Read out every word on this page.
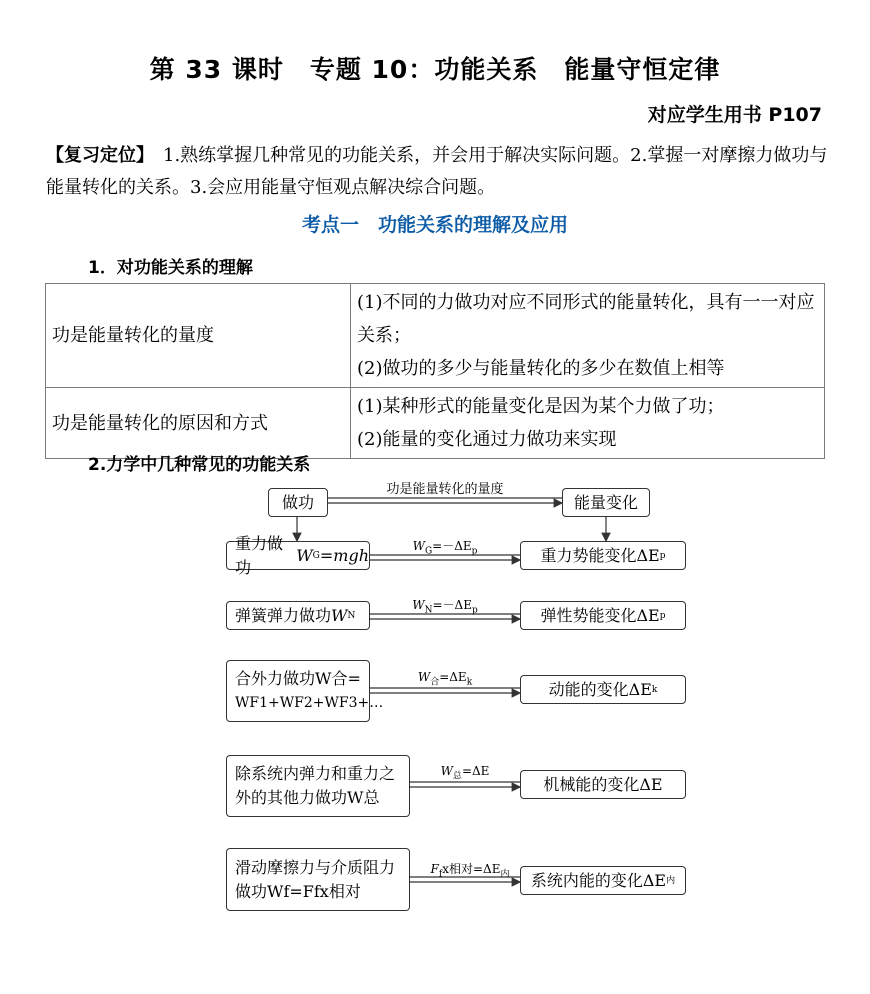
第 33 课时　专题 10：功能关系　能量守恒定律
对应学生用书 P107
【复习定位】　1.熟练掌握几种常见的功能关系，并会用于解决实际问题。2.掌握一对摩擦力做功与能量转化的关系。3.会应用能量守恒观点解决综合问题。
考点一　功能关系的理解及应用
1．对功能关系的理解
功是能量转化的量度	(1)不同的力做功对应不同形式的能量转化，具有一一对应关系；
(2)做功的多少与能量转化的多少在数值上相等

功是能量转化的原因和方式	(1)某种形式的能量变化是因为某个力做了功；
(2)能量的变化通过力做功来实现
2.力学中几种常见的功能关系
做功	能量变化
功是能量转化的量度
重力做功
W G =mgh	$W_G=-\Delta E_p$	重力势能变化ΔE p
弹簧弹力做功 W N
$W_N=-\Delta E_p$	弹性势能变化ΔE p
合外力做功W合=
WF1+WF2+WF3+…
$W_合=\Delta E_k$	动能的变化ΔE k
除系统内弹力和重力之
外的其他力做功W总
$W_总=\Delta E$
机械能的变化ΔE
滑动摩擦力与介质阻力
做功Wf=Ffx相对
$F_fx$相对$=\Delta E_内$	系统内能的变化ΔE 内
